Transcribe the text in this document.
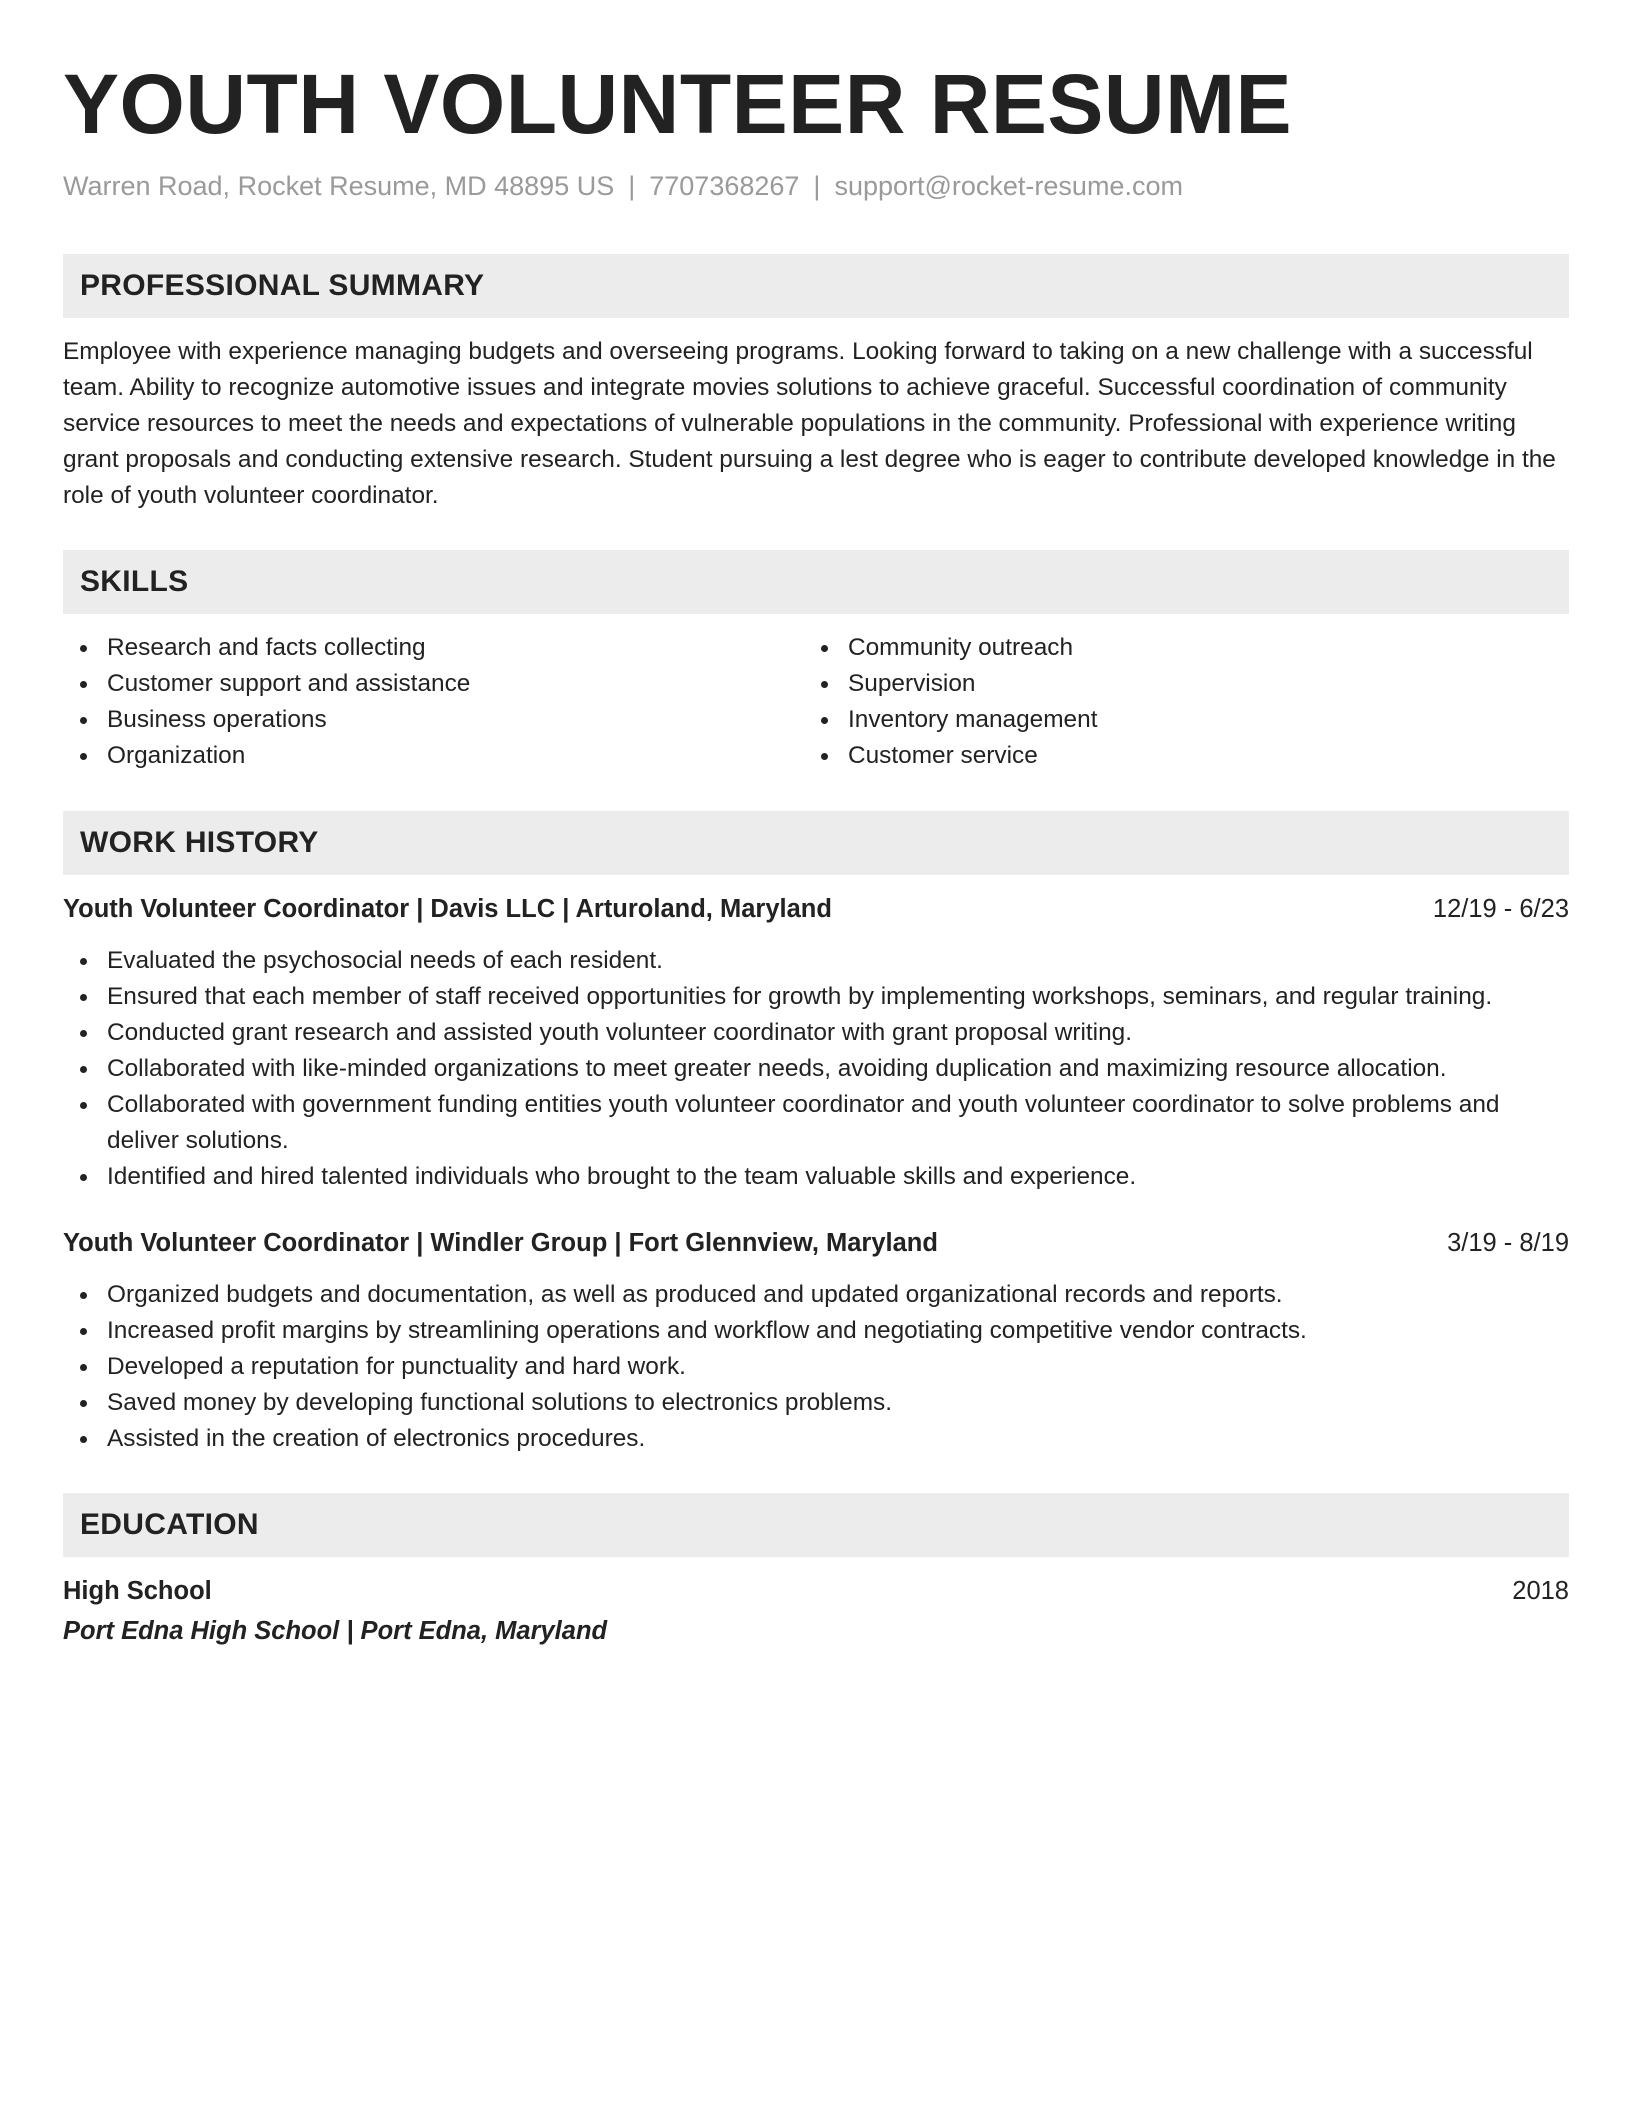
YOUTH VOLUNTEER RESUME
Warren Road, Rocket Resume, MD 48895 US | 7707368267 | support@rocket-resume.com
PROFESSIONAL SUMMARY
Employee with experience managing budgets and overseeing programs. Looking forward to taking on a new challenge with a successful team. Ability to recognize automotive issues and integrate movies solutions to achieve graceful. Successful coordination of community service resources to meet the needs and expectations of vulnerable populations in the community. Professional with experience writing grant proposals and conducting extensive research. Student pursuing a lest degree who is eager to contribute developed knowledge in the role of youth volunteer coordinator.
SKILLS
Research and facts collecting
Customer support and assistance
Business operations
Organization
Community outreach
Supervision
Inventory management
Customer service
WORK HISTORY
Youth Volunteer Coordinator | Davis LLC | Arturoland, Maryland	12/19 - 6/23
Evaluated the psychosocial needs of each resident.
Ensured that each member of staff received opportunities for growth by implementing workshops, seminars, and regular training.
Conducted grant research and assisted youth volunteer coordinator with grant proposal writing.
Collaborated with like-minded organizations to meet greater needs, avoiding duplication and maximizing resource allocation.
Collaborated with government funding entities youth volunteer coordinator and youth volunteer coordinator to solve problems and deliver solutions.
Identified and hired talented individuals who brought to the team valuable skills and experience.
Youth Volunteer Coordinator | Windler Group | Fort Glennview, Maryland	3/19 - 8/19
Organized budgets and documentation, as well as produced and updated organizational records and reports.
Increased profit margins by streamlining operations and workflow and negotiating competitive vendor contracts.
Developed a reputation for punctuality and hard work.
Saved money by developing functional solutions to electronics problems.
Assisted in the creation of electronics procedures.
EDUCATION
High School	2018
Port Edna High School | Port Edna, Maryland
